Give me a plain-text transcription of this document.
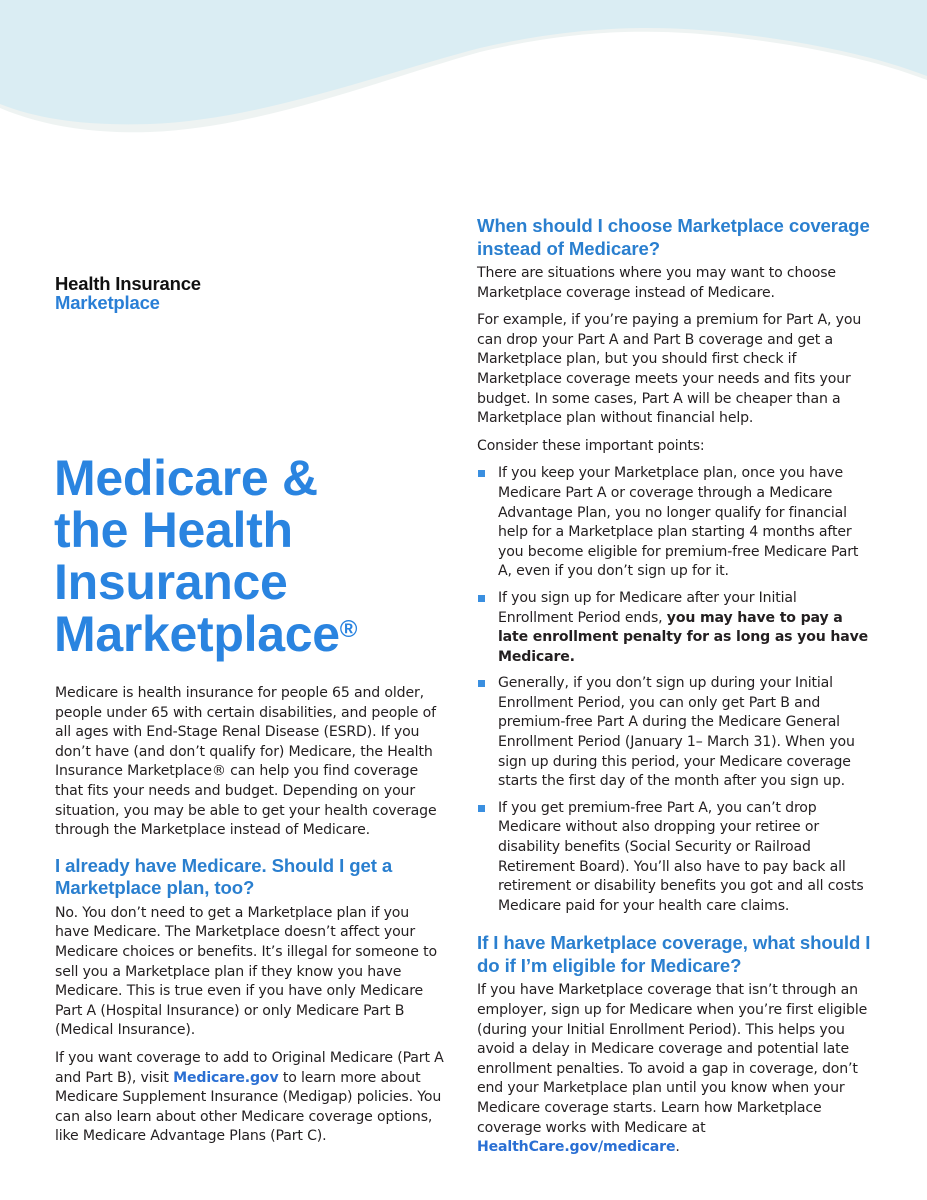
Health Insurance
Marketplace
Medicare &
the Health
Insurance
Marketplace®

Medicare is health insurance for people 65 and older, people under 65 with certain disabilities, and people of all ages with End-Stage Renal Disease (ESRD). If you don’t have (and don’t qualify for) Medicare, the Health Insurance Marketplace® can help you find coverage that fits your needs and budget. Depending on your situation, you may be able to get your health coverage through the Marketplace instead of Medicare.

I already have Medicare. Should I get a Marketplace plan, too?

No. You don’t need to get a Marketplace plan if you have Medicare. The Marketplace doesn’t affect your Medicare choices or benefits. It’s illegal for someone to sell you a Marketplace plan if they know you have Medicare. This is true even if you have only Medicare Part A (Hospital Insurance) or only Medicare Part B (Medical Insurance).

If you want coverage to add to Original Medicare (Part A and Part B), visit Medicare.gov to learn more about Medicare Supplement Insurance (Medigap) policies. You can also learn about other Medicare coverage options, like Medicare Advantage Plans (Part C).

When should I choose Marketplace coverage instead of Medicare?

There are situations where you may want to choose Marketplace coverage instead of Medicare.

For example, if you’re paying a premium for Part A, you can drop your Part A and Part B coverage and get a Marketplace plan, but you should first check if Marketplace coverage meets your needs and fits your budget. In some cases, Part A will be cheaper than a Marketplace plan without financial help.

Consider these important points:

If you keep your Marketplace plan, once you have Medicare Part A or coverage through a Medicare Advantage Plan, you no longer qualify for financial help for a Marketplace plan starting 4 months after you become eligible for premium-free Medicare Part A, even if you don’t sign up for it.
If you sign up for Medicare after your Initial Enrollment Period ends, you may have to pay a late enrollment penalty for as long as you have Medicare.
Generally, if you don’t sign up during your Initial Enrollment Period, you can only get Part B and premium-free Part A during the Medicare General Enrollment Period (January 1– March 31). When you sign up during this period, your Medicare coverage starts the first day of the month after you sign up.
If you get premium-free Part A, you can’t drop Medicare without also dropping your retiree or disability benefits (Social Security or Railroad Retirement Board). You’ll also have to pay back all retirement or disability benefits you got and all costs Medicare paid for your health care claims.
If I have Marketplace coverage, what should I do if I’m eligible for Medicare?

If you have Marketplace coverage that isn’t through an employer, sign up for Medicare when you’re first eligible (during your Initial Enrollment Period). This helps you avoid a delay in Medicare coverage and potential late enrollment penalties. To avoid a gap in coverage, don’t end your Marketplace plan until you know when your Medicare coverage starts. Learn how Marketplace coverage works with Medicare at HealthCare.gov/medicare.
